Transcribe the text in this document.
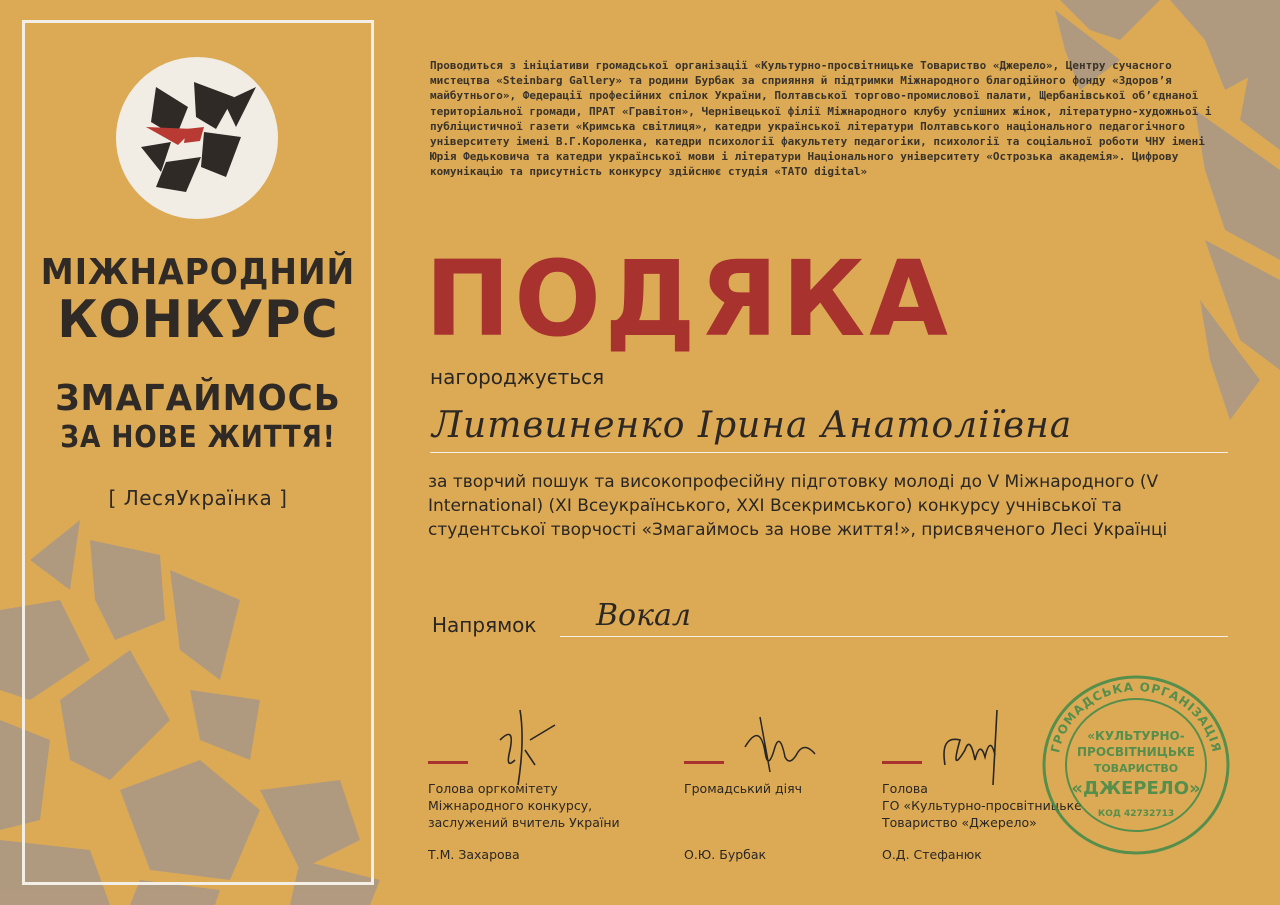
МІЖНАРОДНИЙ
КОНКУРС
ЗМАГАЙМОСЬ
ЗА НОВЕ ЖИТТЯ!
[ ЛесяУкраїнка ]
Проводиться з ініціативи громадської організації «Культурно-просвітницьке Товариство «Джерело», Центру сучасного мистецтва «Steinbarg Gallery» та родини Бурбак за сприяння й підтримки Міжнародного благодійного фонду «Здоров’я майбутнього», Федерації професійних спілок України, Полтавської торгово-промислової палати, Щербанівської об’єднаної територіальної громади, ПРАТ «Гравітон», Чернівецької філії Міжнародного клубу успішних жінок, літературно-художньої і публіцистичної газети «Кримська світлиця», катедри української літератури Полтавського національного педагогічного університету імені В.Г.Короленка, катедри психології факультету педагогіки, психології та соціальної роботи ЧНУ імені Юрія Федьковича та катедри української мови і літератури Національного університету «Острозька академія». Цифрову комунікацію та присутність конкурсу здійснює студія «TATO digital»
ПОДЯКА
нагороджується
Литвиненко Ірина Анатоліївна
за творчий пошук та високопрофесійну підготовку молоді до V Міжнародного (V International) (XI Всеукраїнського, XXI Всекримського) конкурсу учнівської та студентської творчості «Змагаймось за нове життя!», присвяченого Лесі Українці
Напрямок Вокал
Голова оргкомітету
Міжнародного конкурсу,
заслужений вчитель України
Т.М. Захарова
Громадський діяч
О.Ю. Бурбак
Голова
ГО «Культурно-просвітницьке
Товариство «Джерело»
О.Д. Стефанюк
ГРОМАДСЬКА ОРГАНІЗАЦІЯ
«КУЛЬТУРНО-
ПРОСВІТНИЦЬКЕ
ТОВАРИСТВО
«ДЖЕРЕЛО»
КОД 42732713
